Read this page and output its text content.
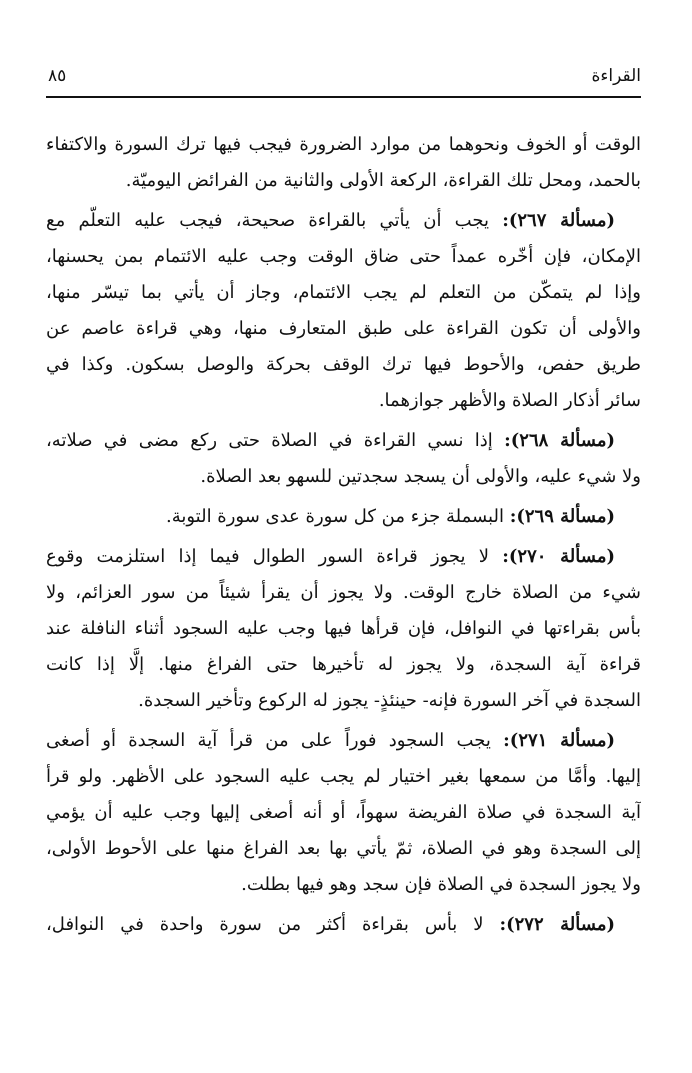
القراءة
٨٥
الوقت أو الخوف ونحوهما من موارد الضرورة فيجب فيها ترك السورة والاكتفاء
بالحمد، ومحل تلك القراءة، الركعة الأولى والثانية من الفرائض اليوميّة.
(مسألة ٢٦٧): يجب أن يأتي بالقراءة صحيحة، فيجب عليه التعلّم مع
الإمكان، فإن أخّره عمداً حتى ضاق الوقت وجب عليه الائتمام بمن يحسنها،
وإذا لم يتمكّن من التعلم لم يجب الائتمام، وجاز أن يأتي بما تيسّر منها،
والأولى أن تكون القراءة على طبق المتعارف منها، وهي قراءة عاصم عن
طريق حفص، والأحوط فيها ترك الوقف بحركة والوصل بسكون. وكذا في
سائر أذكار الصلاة والأظهر جوازهما.
(مسألة ٢٦٨): إذا نسي القراءة في الصلاة حتى ركع مضى في صلاته،
ولا شيء عليه، والأولى أن يسجد سجدتين للسهو بعد الصلاة.
(مسألة ٢٦٩): البسملة جزء من كل سورة عدى سورة التوبة.
(مسألة ٢٧٠): لا يجوز قراءة السور الطوال فيما إذا استلزمت وقوع
شيء من الصلاة خارج الوقت. ولا يجوز أن يقرأ شيئاً من سور العزائم، ولا
بأس بقراءتها في النوافل، فإن قرأها فيها وجب عليه السجود أثناء النافلة عند
قراءة آية السجدة، ولا يجوز له تأخيرها حتى الفراغ منها. إلَّا إذا كانت
السجدة في آخر السورة فإنه- حينئذٍ- يجوز له الركوع وتأخير السجدة.
(مسألة ٢٧١): يجب السجود فوراً على من قرأ آية السجدة أو أصغى
إليها. وأمَّا من سمعها بغير اختيار لم يجب عليه السجود على الأظهر. ولو قرأ
آية السجدة في صلاة الفريضة سهواً، أو أنه أصغى إليها وجب عليه أن يؤمي
إلى السجدة وهو في الصلاة، ثمّ يأتي بها بعد الفراغ منها على الأحوط الأولى،
ولا يجوز السجدة في الصلاة فإن سجد وهو فيها بطلت.
(مسألة ٢٧٢): لا بأس بقراءة أكثر من سورة واحدة في النوافل،
